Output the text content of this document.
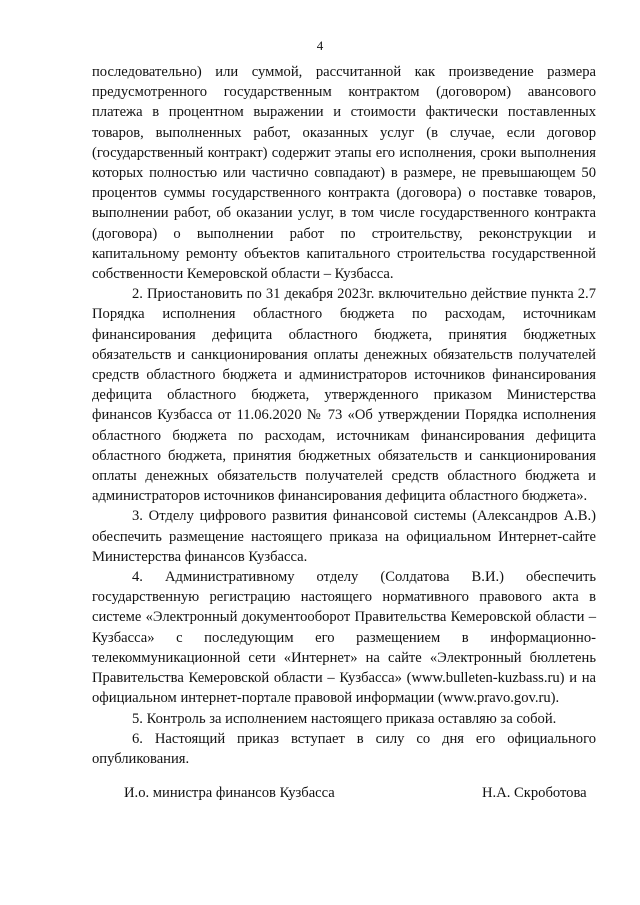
4

последовательно) или суммой, рассчитанной как произведение размера предусмотренного государственным контрактом (договором) авансового платежа в процентном выражении и стоимости фактически поставленных товаров, выполненных работ, оказанных услуг (в случае, если договор (государственный контракт) содержит этапы его исполнения, сроки выполнения которых полностью или частично совпадают) в размере, не превышающем 50 процентов суммы государственного контракта (договора) о поставке товаров, выполнении работ, об оказании услуг, в том числе государственного контракта (договора) о выполнении работ по строительству, реконструкции и капитальному ремонту объектов капитального строительства государственной собственности Кемеровской области – Кузбасса.

2. Приостановить по 31 декабря 2023г. включительно действие пункта 2.7 Порядка исполнения областного бюджета по расходам, источникам финансирования дефицита областного бюджета, принятия бюджетных обязательств и санкционирования оплаты денежных обязательств получателей средств областного бюджета и администраторов источников финансирования дефицита областного бюджета, утвержденного приказом Министерства финансов Кузбасса от 11.06.2020 № 73 «Об утверждении Порядка исполнения областного бюджета по расходам, источникам финансирования дефицита областного бюджета, принятия бюджетных обязательств и санкционирования оплаты денежных обязательств получателей средств областного бюджета и администраторов источников финансирования дефицита областного бюджета».

3. Отделу цифрового развития финансовой системы (Александров А.В.) обеспечить размещение настоящего приказа на официальном Интернет-сайте Министерства финансов Кузбасса.

4. Административному отделу (Солдатова В.И.) обеспечить государственную регистрацию настоящего нормативного правового акта в системе «Электронный документооборот Правительства Кемеровской области – Кузбасса» с последующим его размещением в информационно-телекоммуникационной сети «Интернет» на сайте «Электронный бюллетень Правительства Кемеровской области – Кузбасса» (www.bulleten-kuzbass.ru) и на официальном интернет-портале правовой информации (www.pravo.gov.ru).

5. Контроль за исполнением настоящего приказа оставляю за собой.

6. Настоящий приказ вступает в силу со дня его официального опубликования.

И.о. министра финансов Кузбасса	Н.А. Скроботова
